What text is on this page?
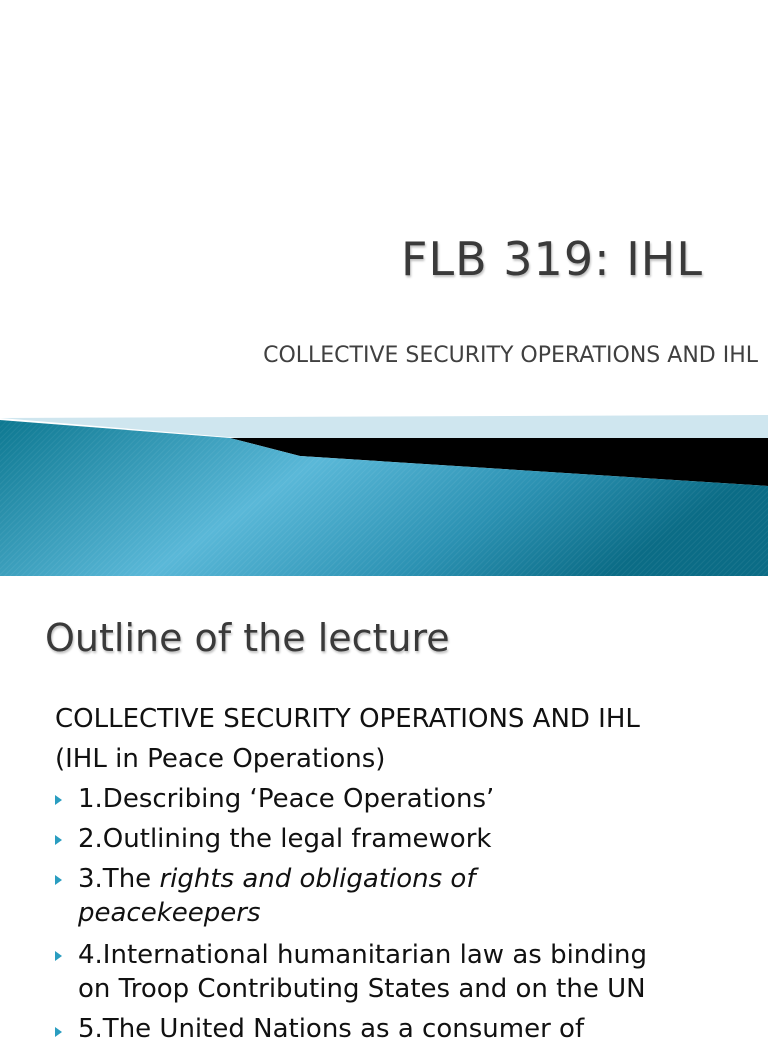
FLB 319: IHL
COLLECTIVE SECURITY OPERATIONS AND IHL
Outline of the lecture
COLLECTIVE SECURITY OPERATIONS AND IHL
(IHL in Peace Operations)
1.Describing ‘Peace Operations’
2.Outlining the legal framework
3.The rights and obligations of
peacekeepers
4.International humanitarian law as binding
on Troop Contributing States and on the UN
5.The United Nations as a consumer of
